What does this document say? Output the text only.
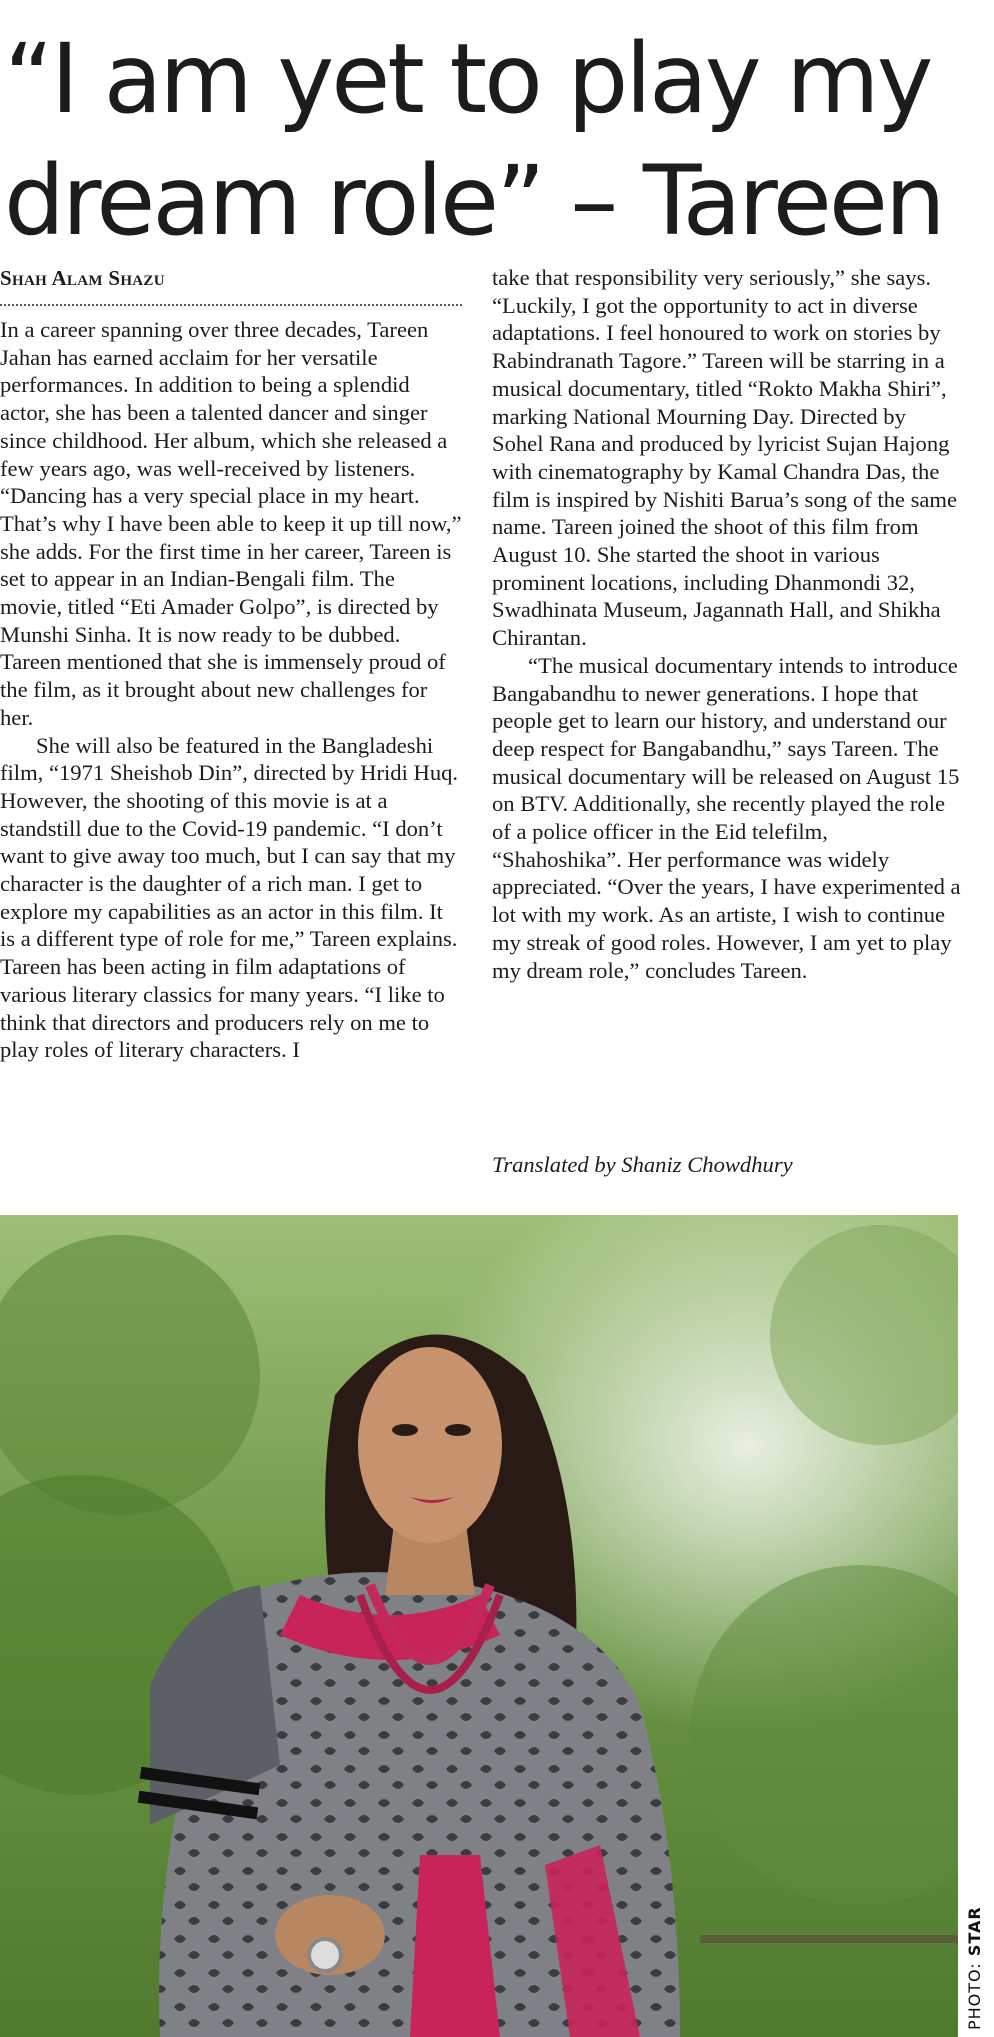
“I am yet to play my
dream role” – Tareen
Shah Alam Shazu

In a career spanning over three decades, Tareen Jahan has earned acclaim for her versatile performances. In addition to being a splendid actor, she has been a talented dancer and singer since childhood. Her album, which she released a few years ago, was well-received by listeners. “Dancing has a very special place in my heart. That’s why I have been able to keep it up till now,” she adds. For the first time in her career, Tareen is set to appear in an Indian-Bengali film. The movie, titled “Eti Amader Golpo”, is directed by Munshi Sinha. It is now ready to be dubbed. Tareen mentioned that she is immensely proud of the film, as it brought about new challenges for her.

She will also be featured in the Bangladeshi film, “1971 Sheishob Din”, directed by Hridi Huq. However, the shooting of this movie is at a standstill due to the Covid-19 pandemic. “I don’t want to give away too much, but I can say that my character is the daughter of a rich man. I get to explore my capabilities as an actor in this film. It is a different type of role for me,” Tareen explains. Tareen has been acting in film adaptations of various literary classics for many years. “I like to think that directors and producers rely on me to play roles of literary characters. I

take that responsibility very seriously,” she says. “Luckily, I got the opportunity to act in diverse adaptations. I feel honoured to work on stories by Rabindranath Tagore.” Tareen will be starring in a musical documentary, titled “Rokto Makha Shiri”, marking National Mourning Day. Directed by Sohel Rana and produced by lyricist Sujan Hajong with cinematography by Kamal Chandra Das, the film is inspired by Nishiti Barua’s song of the same name. Tareen joined the shoot of this film from August 10. She started the shoot in various prominent locations, including Dhanmondi 32, Swadhinata Museum, Jagannath Hall, and Shikha Chirantan.

“The musical documentary intends to introduce Bangabandhu to newer generations. I hope that people get to learn our history, and understand our deep respect for Bangabandhu,” says Tareen. The musical documentary will be released on August 15 on BTV. Additionally, she recently played the role of a police officer in the Eid telefilm, “Shahoshika”. Her performance was widely appreciated. “Over the years, I have experimented a lot with my work. As an artiste, I wish to continue my streak of good roles. However, I am yet to play my dream role,” concludes Tareen.

Translated by Shaniz Chowdhury
PHOTO: STAR
